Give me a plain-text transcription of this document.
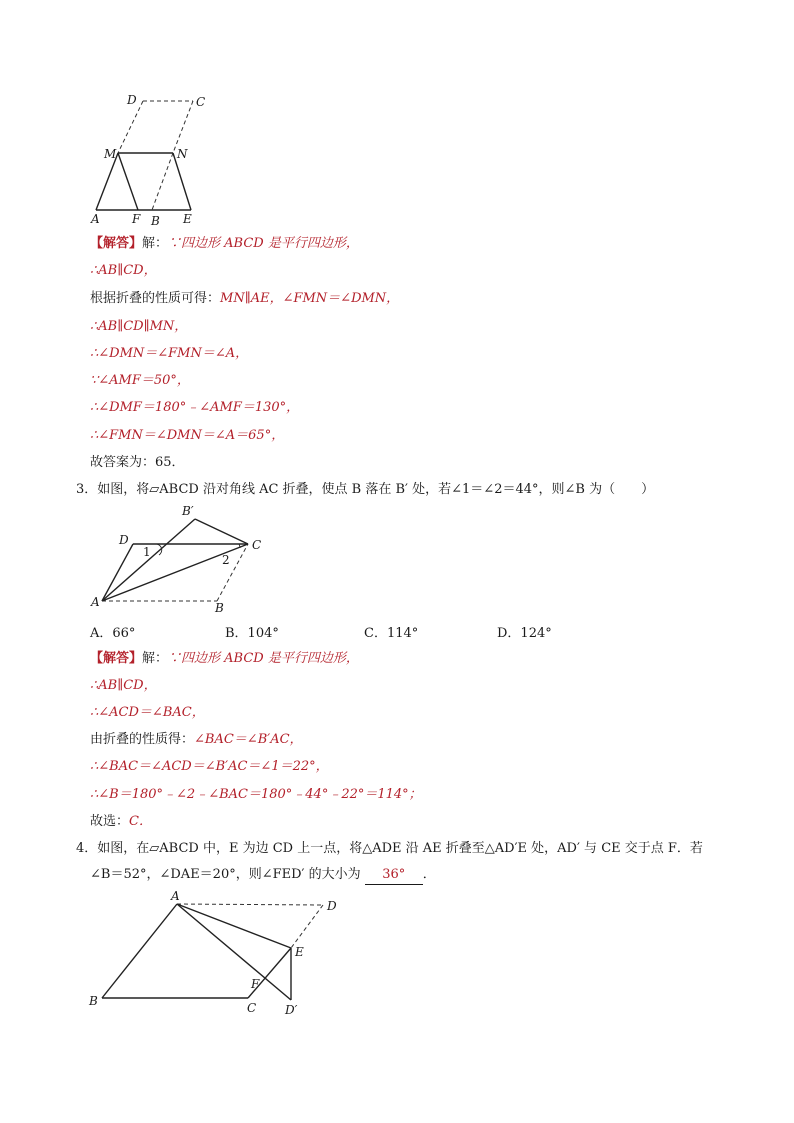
D	C
M	N
A	F B E
【解答】解：∵四边形 ABCD 是平行四边形，
∴AB∥CD，
根据折叠的性质可得：MN∥AE，∠FMN＝∠DMN，
∴AB∥CD∥MN，
∴∠DMN＝∠FMN＝∠A，
∵∠AMF＝50°，
∴∠DMF＝180°﹣∠AMF＝130°，
∴∠FMN＝∠DMN＝∠A＝65°，
故答案为：65．
3．如图，将▱ABCD 沿对角线 AC 折叠，使点 B 落在 B′ 处，若∠1＝∠2＝44°，则∠B 为（　　）
B′
D
1	C
2
A	B
A．66°	B．104°	C．114°	D．124°
【解答】解：∵四边形 ABCD 是平行四边形，
∴AB∥CD，
∴∠ACD＝∠BAC，
由折叠的性质得：∠BAC＝∠B′AC，
∴∠BAC＝∠ACD＝∠B′AC＝∠1＝22°，
∴∠B＝180°﹣∠2﹣∠BAC＝180°﹣44°﹣22°＝114°；
故选：C．
4．如图，在▱ABCD 中，E 为边 CD 上一点，将△ADE 沿 AE 折叠至△AD′E 处，AD′ 与 CE 交于点 F．若
∠B＝52°，∠DAE＝20°，则∠FED′ 的大小为 36° ．
A
D
E
F
B	C D′
